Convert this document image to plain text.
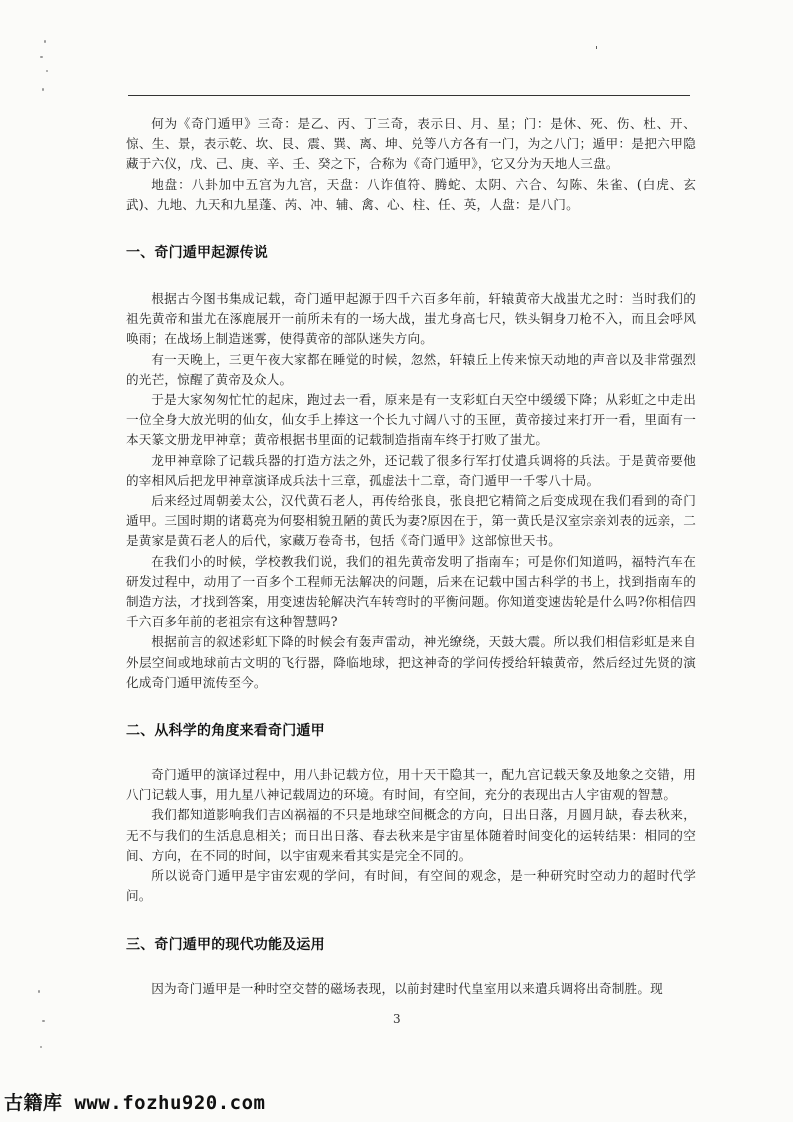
'

何为《奇门遁甲》三奇：是乙、丙、丁三奇，表示日、月、星；门：是休、死、伤、杜、开、惊、生、景，表示乾、坎、艮、震、巽、离、坤、兑等八方各有一门，为之八门；遁甲：是把六甲隐藏于六仪，戊、己、庚、辛、壬、癸之下，合称为《奇门遁甲》，它又分为天地人三盘。

地盘：八卦加中五宫为九宫，天盘：八诈值符、腾蛇、太阴、六合、勾陈、朱雀、(白虎、玄武)、九地、九天和九星蓬、芮、冲、辅、禽、心、柱、任、英，人盘：是八门。

一、奇门遁甲起源传说

根据古今图书集成记载，奇门遁甲起源于四千六百多年前，轩辕黄帝大战蚩尤之时：当时我们的祖先黄帝和蚩尤在涿鹿展开一前所未有的一场大战，蚩尤身高七尺，铁头铜身刀枪不入，而且会呼风唤雨；在战场上制造迷雾，使得黄帝的部队迷失方向。

有一天晚上，三更午夜大家都在睡觉的时候，忽然，轩辕丘上传来惊天动地的声音以及非常强烈的光芒，惊醒了黄帝及众人。

于是大家匆匆忙忙的起床，跑过去一看，原来是有一支彩虹白天空中缓缓下降；从彩虹之中走出一位全身大放光明的仙女，仙女手上捧这一个长九寸阔八寸的玉匣，黄帝接过来打开一看，里面有一本天篆文册龙甲神章；黄帝根据书里面的记载制造指南车终于打败了蚩尤。

龙甲神章除了记载兵器的打造方法之外，还记载了很多行军打仗遣兵调将的兵法。于是黄帝要他的宰相风后把龙甲神章演译成兵法十三章，孤虚法十二章，奇门遁甲一千零八十局。

后来经过周朝姜太公，汉代黄石老人，再传给张良，张良把它精简之后变成现在我们看到的奇门遁甲。三国时期的诸葛亮为何娶相貌丑陋的黄氏为妻?原因在于，第一黄氏是汉室宗亲刘表的远亲，二是黄家是黄石老人的后代，家藏万卷奇书，包括《奇门遁甲》这部惊世天书。

在我们小的时候，学校教我们说，我们的祖先黄帝发明了指南车；可是你们知道吗，福特汽车在研发过程中，动用了一百多个工程师无法解决的问题，后来在记载中国古科学的书上，找到指南车的制造方法，才找到答案，用变速齿轮解决汽车转弯时的平衡问题。你知道变速齿轮是什么吗?你相信四千六百多年前的老祖宗有这种智慧吗?

根据前言的叙述彩虹下降的时候会有轰声雷动，神光缭绕，天鼓大震。所以我们相信彩虹是来自外层空间或地球前古文明的飞行器，降临地球，把这神奇的学问传授给轩辕黄帝，然后经过先贤的演化成奇门遁甲流传至今。

二、从科学的角度来看奇门遁甲

奇门遁甲的演译过程中，用八卦记载方位，用十天干隐其一，配九宫记载天象及地象之交错，用八门记载人事，用九星八神记载周边的环境。有时间，有空间，充分的表现出古人宇宙观的智慧。

我们都知道影响我们吉凶祸福的不只是地球空间概念的方向，日出日落，月圆月缺，春去秋来，无不与我们的生活息息相关；而日出日落、春去秋来是宇宙星体随着时间变化的运转结果：相同的空间、方向，在不同的时间，以宇宙观来看其实是完全不同的。

所以说奇门遁甲是宇宙宏观的学问，有时间，有空间的观念，是一种研究时空动力的超时代学问。

三、奇门遁甲的现代功能及运用

因为奇门遁甲是一种时空交替的磁场表现，以前封建时代皇室用以来遣兵调将出奇制胜。现

3
古籍库 www.fozhu920.com
